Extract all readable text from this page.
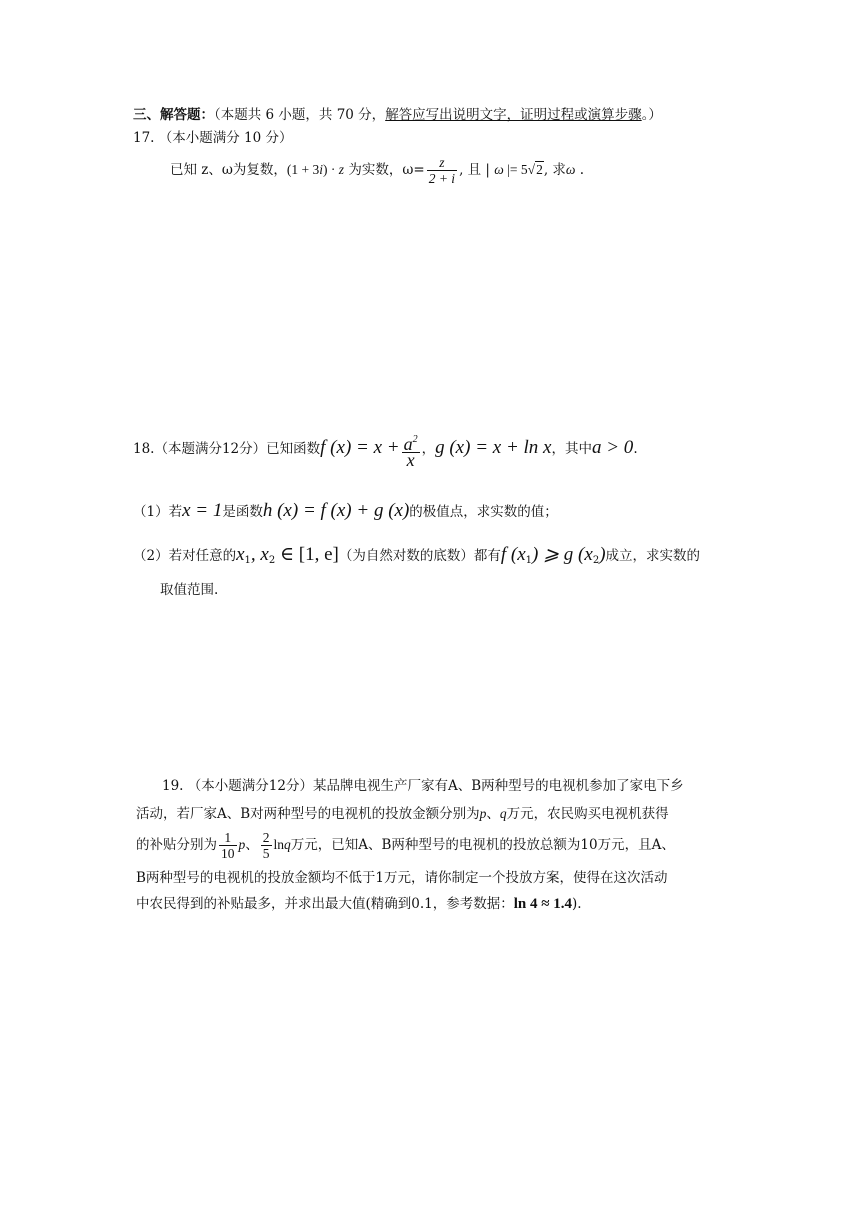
三、解答题：（本题共 6 小题，共 70 分，解答应写出说明文字，证明过程或演算步骤。）
17. （本小题满分 10 分）
已知 z、ω为复数，(1 + 3i) · z 为实数，$\omega= \frac{z}{2 + i}$ , 且 | ω |= 5√2, 求ω .
18.（本题满分12分）已知函数f $(x) = x + \frac{a^2}{x}$ ，g (x) = x + ln x，其中a > 0.
（1）若x = 1是函数h (x) = f (x) + g (x)的极值点，求实数的值；
（2）若对任意的$x_1$, $x_2$ ∈ [1, e]（为自然对数的底数）都有f $(x_1)$ ⩾ g $(x_2)$成立，求实数的
取值范围.
19. （本小题满分12分）某品牌电视生产厂家有A、B两种型号的电视机参加了家电下乡
活动，若厂家A、B对两种型号的电视机的投放金额分别为p、q万元，农民购买电视机获得
的补贴分别为 $\frac{1}{10}$ p、 $\frac{2}{5}$ lnq万元，已知A、B两种型号的电视机的投放总额为10万元，且A、
B两种型号的电视机的投放金额均不低于1万元，请你制定一个投放方案，使得在这次活动
中农民得到的补贴最多，并求出最大值(精确到0.1，参考数据：ln 4 ≈ 1.4).
